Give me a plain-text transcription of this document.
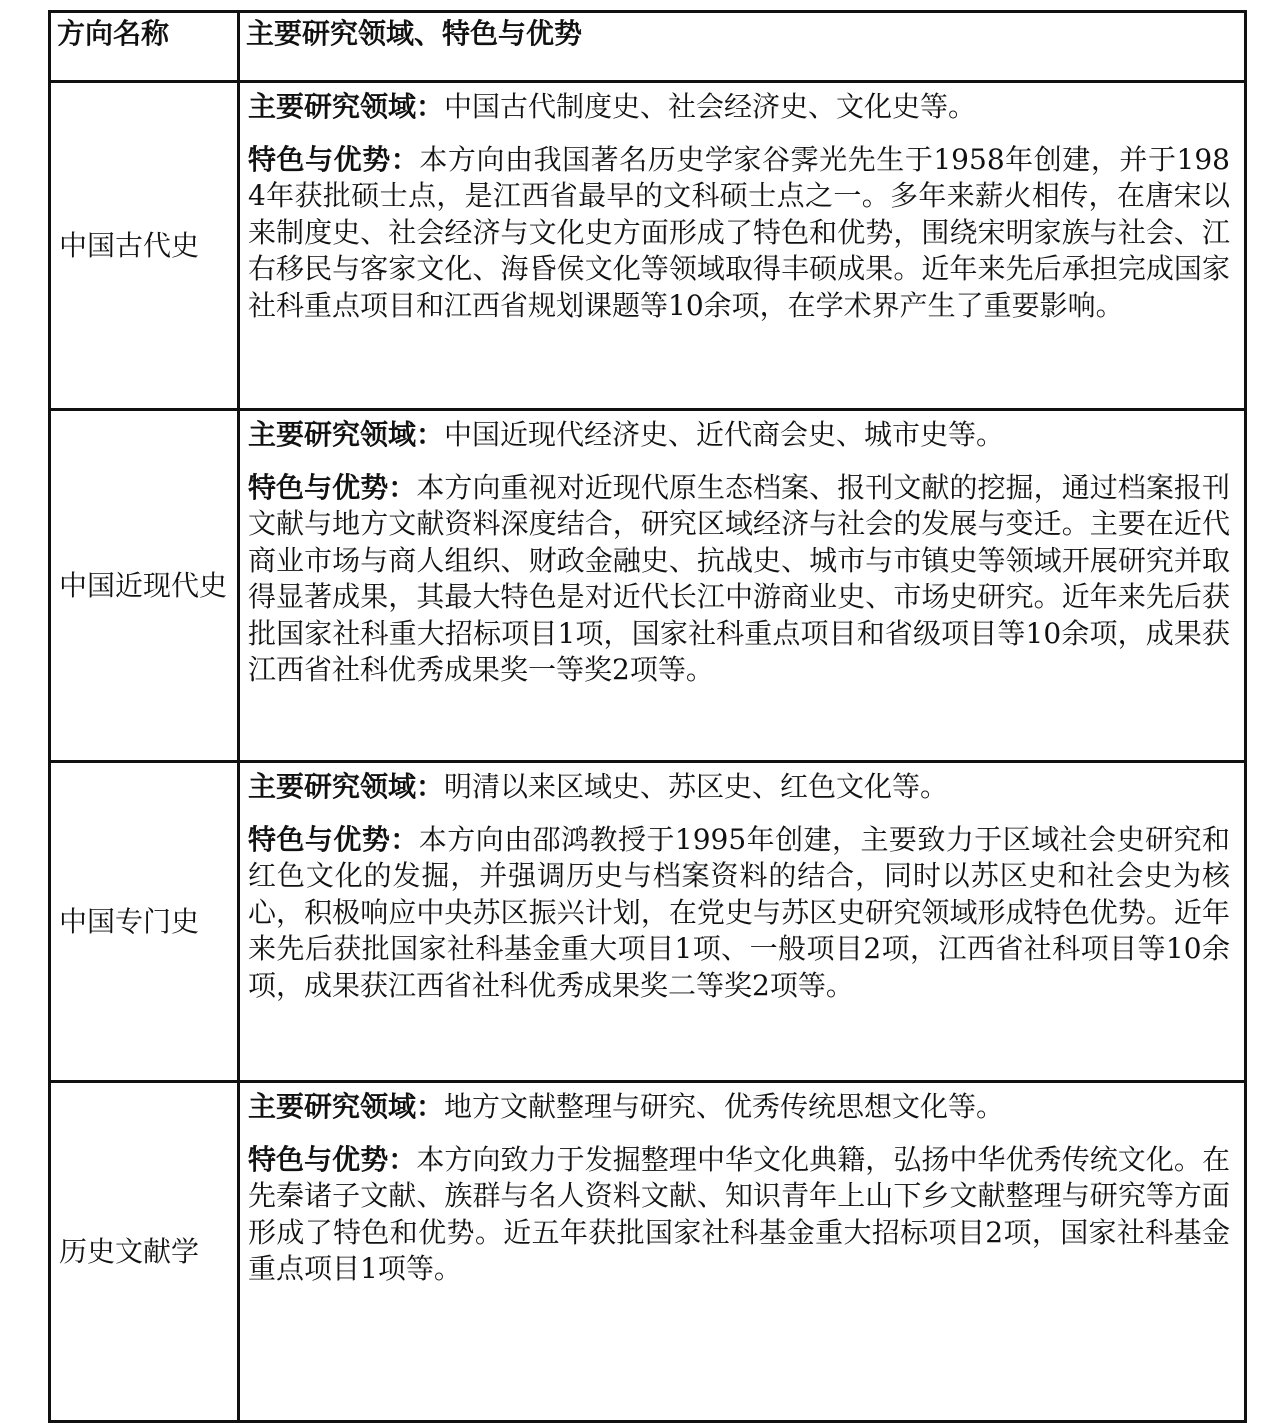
方向名称	主要研究领域、特色与优势
中国古代史	主要研究领域：中国古代制度史、社会经济史、文化史等。

特色与优势：本方向由我国著名历史学家谷霁光先生于1958年创建，并于1984年获批硕士点，是江西省最早的文科硕士点之一。多年来薪火相传，在唐宋以来制度史、社会经济与文化史方面形成了特色和优势，围绕宋明家族与社会、江右移民与客家文化、海昏侯文化等领域取得丰硕成果。近年来先后承担完成国家社科重点项目和江西省规划课题等10余项，在学术界产生了重要影响。

中国近现代史	主要研究领域：中国近现代经济史、近代商会史、城市史等。

特色与优势：本方向重视对近现代原生态档案、报刊文献的挖掘，通过档案报刊文献与地方文献资料深度结合，研究区域经济与社会的发展与变迁。主要在近代商业市场与商人组织、财政金融史、抗战史、城市与市镇史等领域开展研究并取得显著成果，其最大特色是对近代长江中游商业史、市场史研究。近年来先后获批国家社科重大招标项目1项，国家社科重点项目和省级项目等10余项，成果获江西省社科优秀成果奖一等奖2项等。

中国专门史	主要研究领域：明清以来区域史、苏区史、红色文化等。

特色与优势：本方向由邵鸿教授于1995年创建，主要致力于区域社会史研究和红色文化的发掘，并强调历史与档案资料的结合，同时以苏区史和社会史为核心，积极响应中央苏区振兴计划，在党史与苏区史研究领域形成特色优势。近年来先后获批国家社科基金重大项目1项、一般项目2项，江西省社科项目等10余项，成果获江西省社科优秀成果奖二等奖2项等。

历史文献学	主要研究领域：地方文献整理与研究、优秀传统思想文化等。

特色与优势：本方向致力于发掘整理中华文化典籍，弘扬中华优秀传统文化。在先秦诸子文献、族群与名人资料文献、知识青年上山下乡文献整理与研究等方面形成了特色和优势。近五年获批国家社科基金重大招标项目2项，国家社科基金重点项目1项等。
